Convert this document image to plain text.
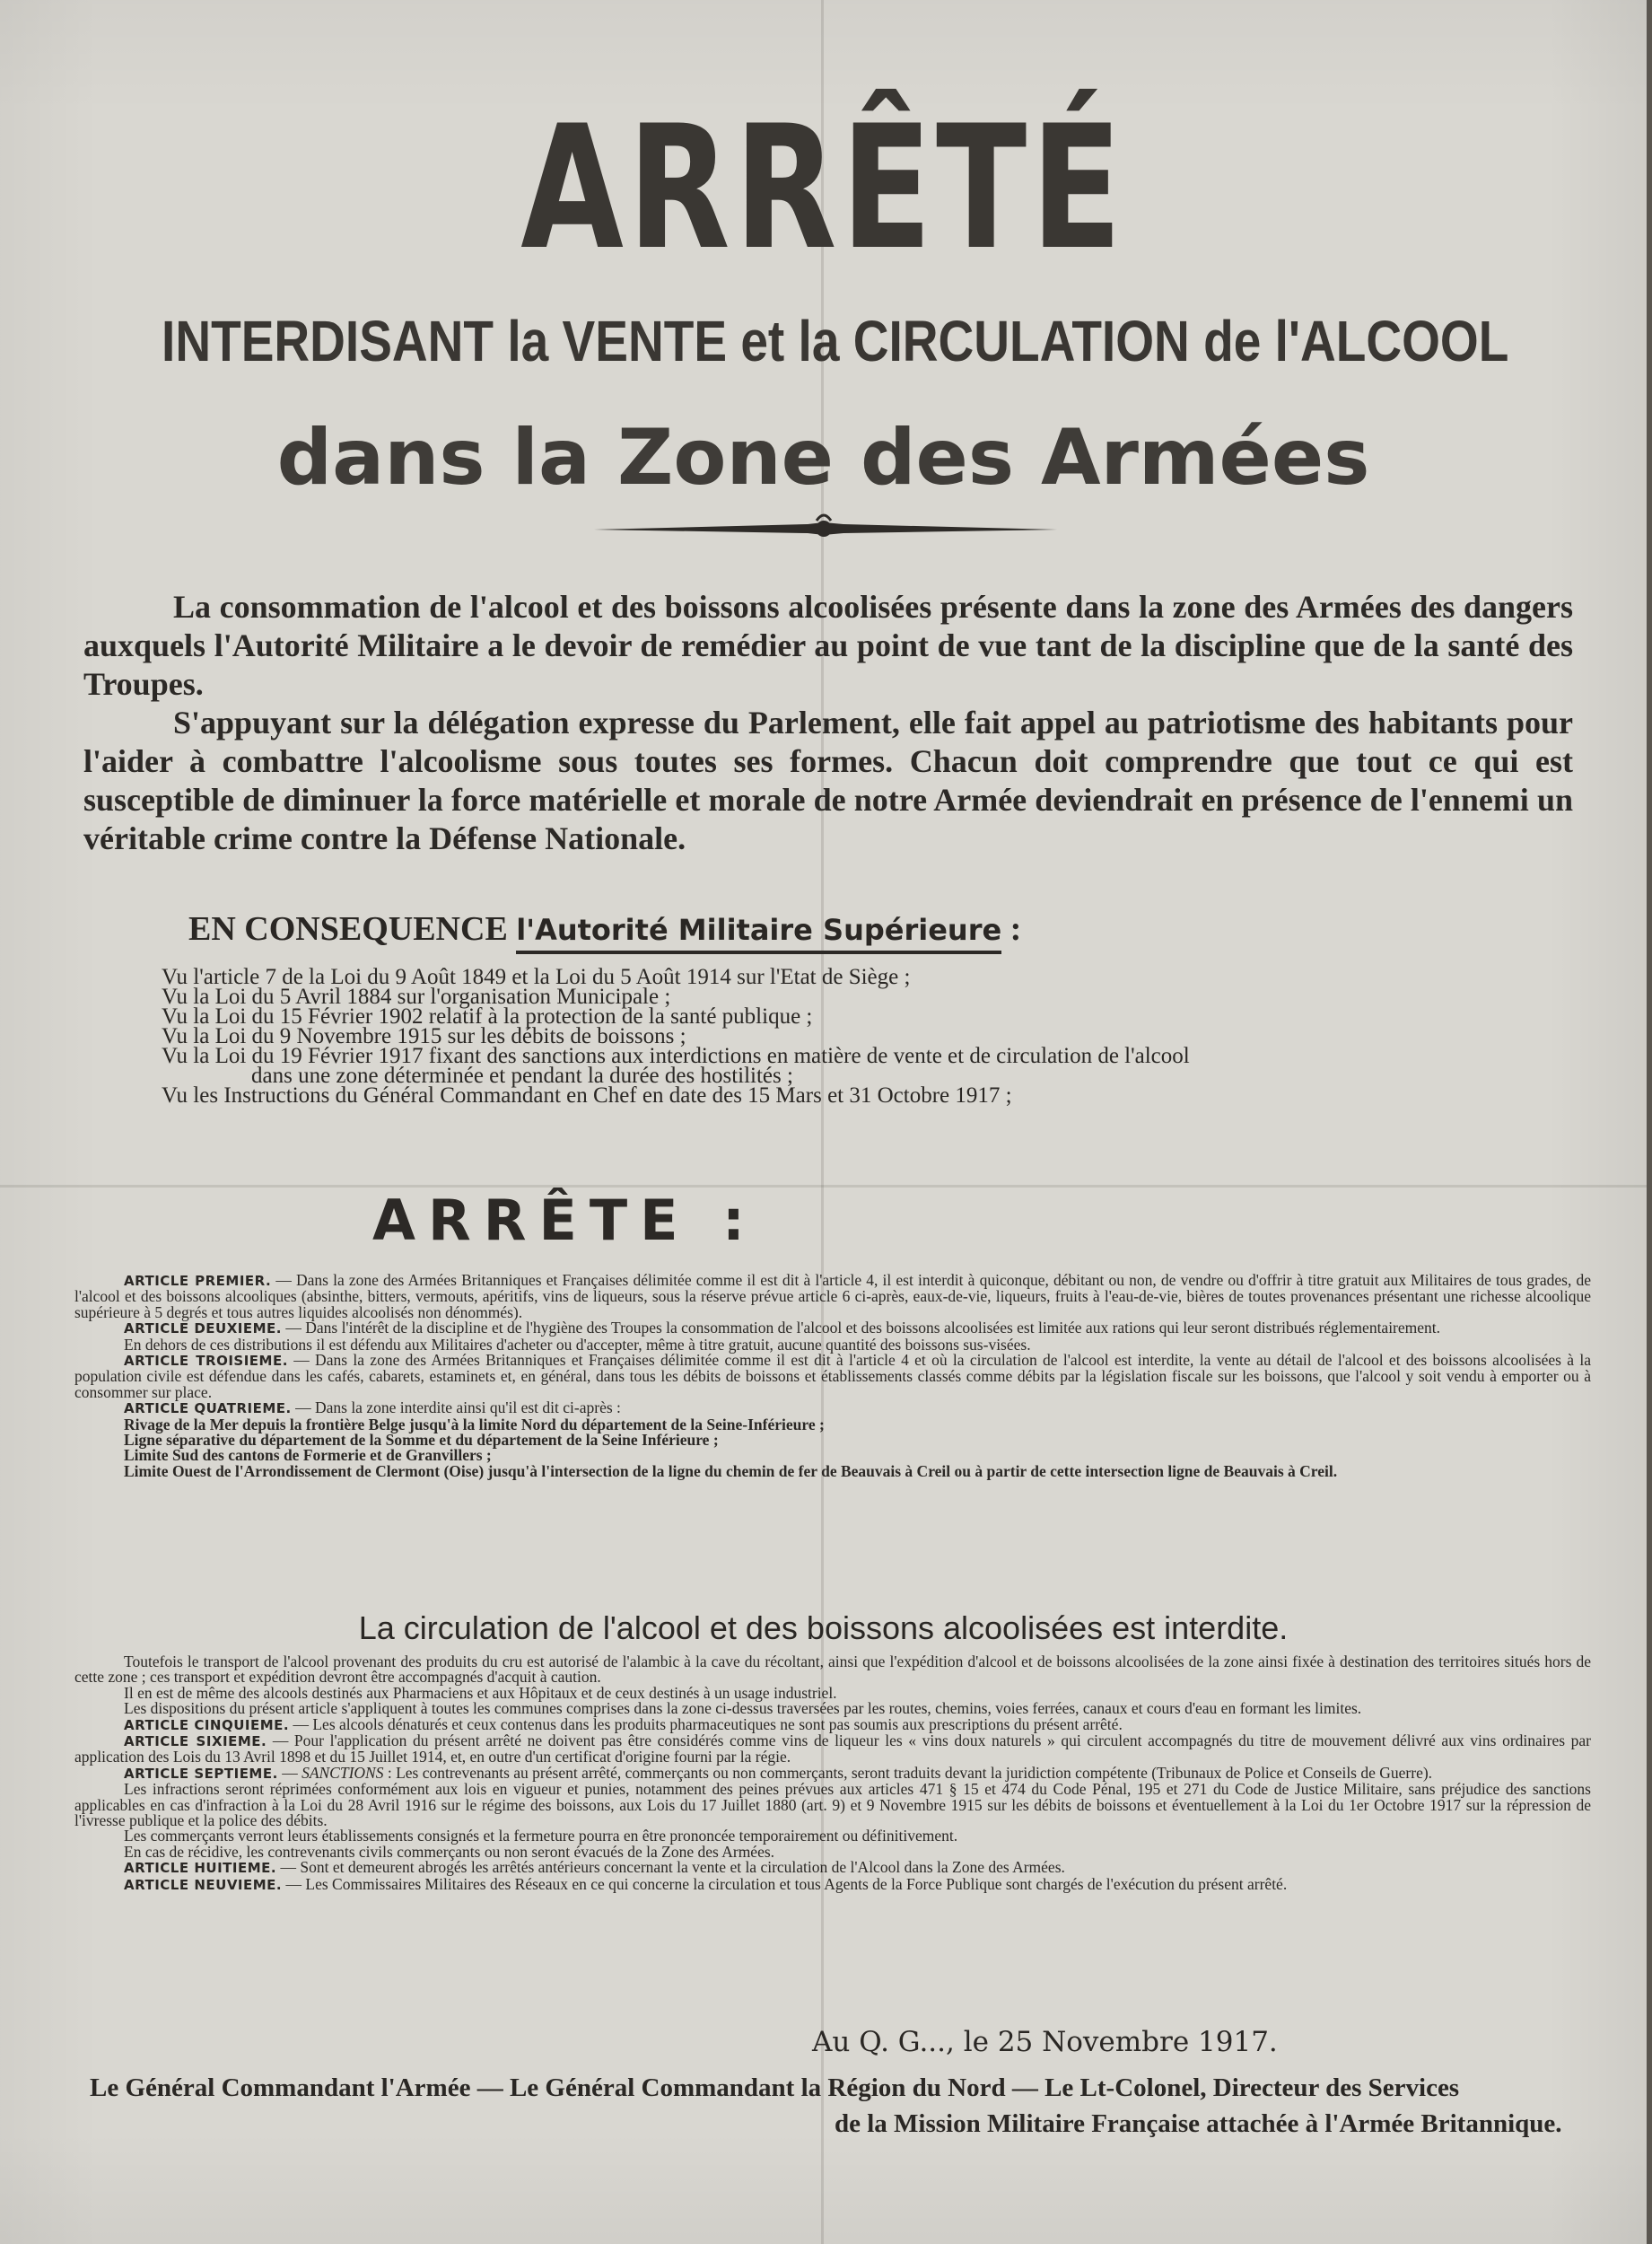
ARRÊTÉ
INTERDISANT la VENTE et la CIRCULATION de l'ALCOOL
dans la Zone des Armées

La consommation de l'alcool et des boissons alcoolisées présente dans la zone des Armées des dangers auxquels l'Autorité Militaire a le devoir de remédier au point de vue tant de la discipline que de la santé des Troupes.

S'appuyant sur la délégation expresse du Parlement, elle fait appel au patriotisme des habitants pour l'aider à combattre l'alcoolisme sous toutes ses formes. Chacun doit comprendre que tout ce qui est susceptible de diminuer la force matérielle et morale de notre Armée deviendrait en présence de l'ennemi un véritable crime contre la Défense Nationale.

EN CONSEQUENCE l'Autorité Militaire Supérieure :
Vu l'article 7 de la Loi du 9 Août 1849 et la Loi du 5 Août 1914 sur l'Etat de Siège ;
Vu la Loi du 5 Avril 1884 sur l'organisation Municipale ;
Vu la Loi du 15 Février 1902 relatif à la protection de la santé publique ;
Vu la Loi du 9 Novembre 1915 sur les débits de boissons ;
Vu la Loi du 19 Février 1917 fixant des sanctions aux interdictions en matière de vente et de circulation de l'alcool
dans une zone déterminée et pendant la durée des hostilités ;
Vu les Instructions du Général Commandant en Chef en date des 15 Mars et 31 Octobre 1917 ;
ARRÊTE :

ARTICLE PREMIER. — Dans la zone des Armées Britanniques et Françaises délimitée comme il est dit à l'article 4, il est interdit à quiconque, débitant ou non, de vendre ou d'offrir à titre gratuit aux Militaires de tous grades, de l'alcool et des boissons alcooliques (absinthe, bitters, vermouts, apéritifs, vins de liqueurs, sous la réserve prévue article 6 ci-après, eaux-de-vie, liqueurs, fruits à l'eau-de-vie, bières de toutes provenances présentant une richesse alcoolique supérieure à 5 degrés et tous autres liquides alcoolisés non dénommés).

ARTICLE DEUXIEME. — Dans l'intérêt de la discipline et de l'hygiène des Troupes la consommation de l'alcool et des boissons alcoolisées est limitée aux rations qui leur seront distribués réglementairement.

En dehors de ces distributions il est défendu aux Militaires d'acheter ou d'accepter, même à titre gratuit, aucune quantité des boissons sus-visées.

ARTICLE TROISIEME. — Dans la zone des Armées Britanniques et Françaises délimitée comme il est dit à l'article 4 et où la circulation de l'alcool est interdite, la vente au détail de l'alcool et des boissons alcoolisées à la population civile est défendue dans les cafés, cabarets, estaminets et, en général, dans tous les débits de boissons et établissements classés comme débits par la législation fiscale sur les boissons, que l'alcool y soit vendu à emporter ou à consommer sur place.

ARTICLE QUATRIEME. — Dans la zone interdite ainsi qu'il est dit ci-après :

Rivage de la Mer depuis la frontière Belge jusqu'à la limite Nord du département de la Seine-Inférieure ;

Ligne séparative du département de la Somme et du département de la Seine Inférieure ;

Limite Sud des cantons de Formerie et de Granvillers ;

Limite Ouest de l'Arrondissement de Clermont (Oise) jusqu'à l'intersection de la ligne du chemin de fer de Beauvais à Creil ou à partir de cette intersection ligne de Beauvais à Creil.

La circulation de l'alcool et des boissons alcoolisées est interdite.

Toutefois le transport de l'alcool provenant des produits du cru est autorisé de l'alambic à la cave du récoltant, ainsi que l'expédition d'alcool et de boissons alcoolisées de la zone ainsi fixée à destination des territoires situés hors de cette zone ; ces transport et expédition devront être accompagnés d'acquit à caution.

Il en est de même des alcools destinés aux Pharmaciens et aux Hôpitaux et de ceux destinés à un usage industriel.

Les dispositions du présent article s'appliquent à toutes les communes comprises dans la zone ci-dessus traversées par les routes, chemins, voies ferrées, canaux et cours d'eau en formant les limites.

ARTICLE CINQUIEME. — Les alcools dénaturés et ceux contenus dans les produits pharmaceutiques ne sont pas soumis aux prescriptions du présent arrêté.

ARTICLE SIXIEME. — Pour l'application du présent arrêté ne doivent pas être considérés comme vins de liqueur les « vins doux naturels » qui circulent accompagnés du titre de mouvement délivré aux vins ordinaires par application des Lois du 13 Avril 1898 et du 15 Juillet 1914, et, en outre d'un certificat d'origine fourni par la régie.

ARTICLE SEPTIEME. — SANCTIONS : Les contrevenants au présent arrêté, commerçants ou non commerçants, seront traduits devant la juridiction compétente (Tribunaux de Police et Conseils de Guerre).

Les infractions seront réprimées conformément aux lois en vigueur et punies, notamment des peines prévues aux articles 471 § 15 et 474 du Code Pénal, 195 et 271 du Code de Justice Militaire, sans préjudice des sanctions applicables en cas d'infraction à la Loi du 28 Avril 1916 sur le régime des boissons, aux Lois du 17 Juillet 1880 (art. 9) et 9 Novembre 1915 sur les débits de boissons et éventuellement à la Loi du 1er Octobre 1917 sur la répression de l'ivresse publique et la police des débits.

Les commerçants verront leurs établissements consignés et la fermeture pourra en être prononcée temporairement ou définitivement.

En cas de récidive, les contrevenants civils commerçants ou non seront évacués de la Zone des Armées.

ARTICLE HUITIEME. — Sont et demeurent abrogés les arrêtés antérieurs concernant la vente et la circulation de l'Alcool dans la Zone des Armées.

ARTICLE NEUVIEME. — Les Commissaires Militaires des Réseaux en ce qui concerne la circulation et tous Agents de la Force Publique sont chargés de l'exécution du présent arrêté.

Au Q. G..., le 25 Novembre 1917.
Le Général Commandant l'Armée — Le Général Commandant la Région du Nord — Le Lt-Colonel, Directeur des Services
de la Mission Militaire Française attachée à l'Armée Britannique.
